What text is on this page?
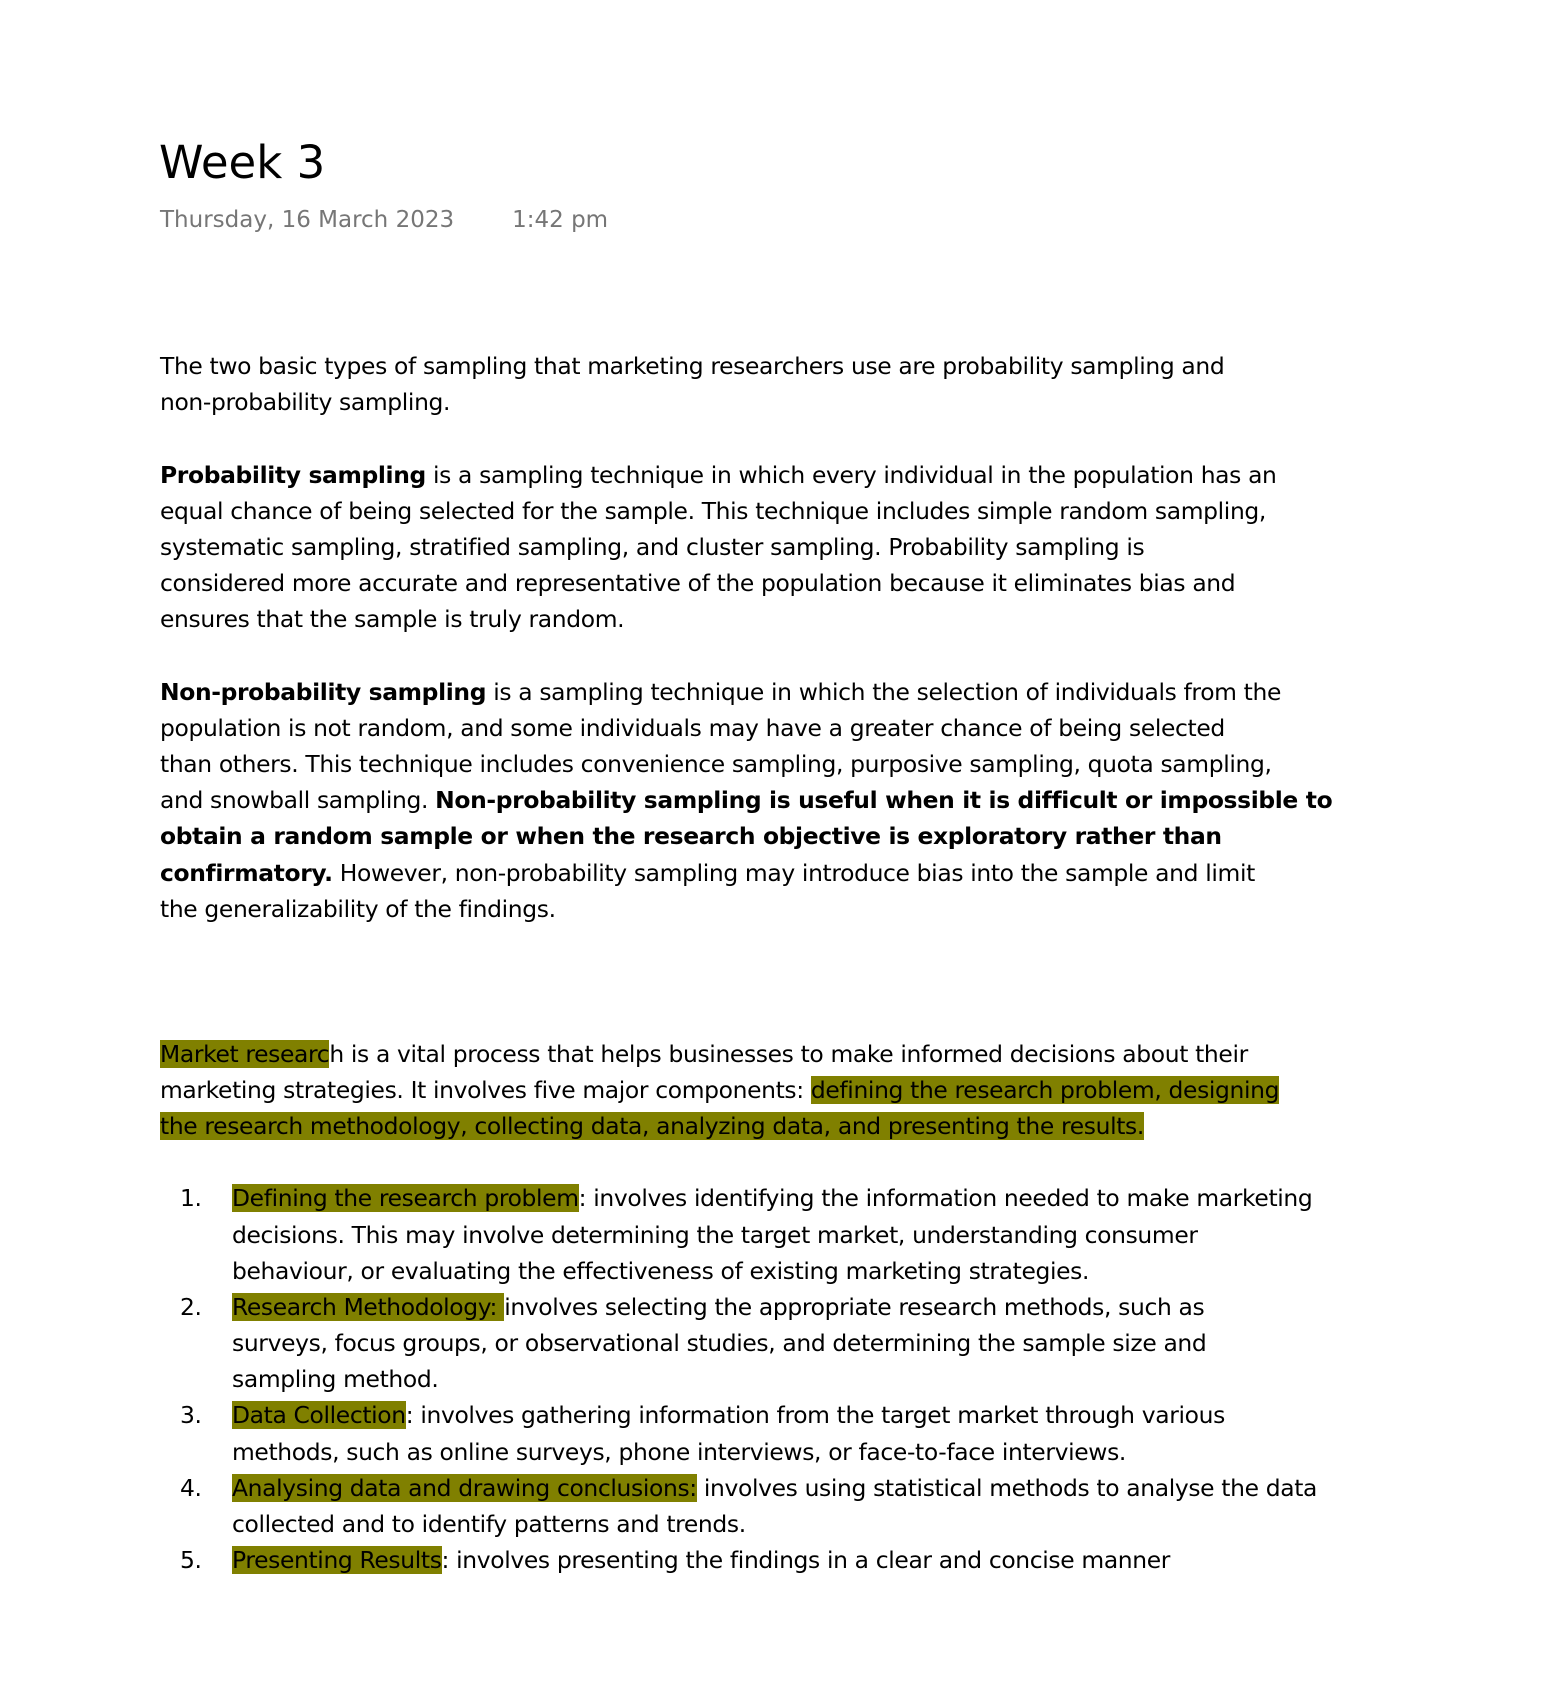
Week 3
Thursday, 16 March 2023	1:42 pm
The two basic types of sampling that marketing researchers use are probability sampling and
non-probability sampling.
Probability sampling is a sampling technique in which every individual in the population has an
equal chance of being selected for the sample. This technique includes simple random sampling,
systematic sampling, stratified sampling, and cluster sampling. Probability sampling is
considered more accurate and representative of the population because it eliminates bias and
ensures that the sample is truly random.
Non-probability sampling is a sampling technique in which the selection of individuals from the
population is not random, and some individuals may have a greater chance of being selected
than others. This technique includes convenience sampling, purposive sampling, quota sampling,
and snowball sampling. Non-probability sampling is useful when it is difficult or impossible to
obtain a random sample or when the research objective is exploratory rather than
confirmatory. However, non-probability sampling may introduce bias into the sample and limit
the generalizability of the findings.
Market research is a vital process that helps businesses to make informed decisions about their
marketing strategies. It involves five major components: defining the research problem, designing
the research methodology, collecting data, analyzing data, and presenting the results.
1. Defining the research problem: involves identifying the information needed to make marketing
decisions. This may involve determining the target market, understanding consumer
behaviour, or evaluating the effectiveness of existing marketing strategies.
2. Research Methodology: involves selecting the appropriate research methods, such as
surveys, focus groups, or observational studies, and determining the sample size and
sampling method.
3. Data Collection: involves gathering information from the target market through various
methods, such as online surveys, phone interviews, or face-to-face interviews.
4. Analysing data and drawing conclusions: involves using statistical methods to analyse the data
collected and to identify patterns and trends.
5. Presenting Results: involves presenting the findings in a clear and concise manner
